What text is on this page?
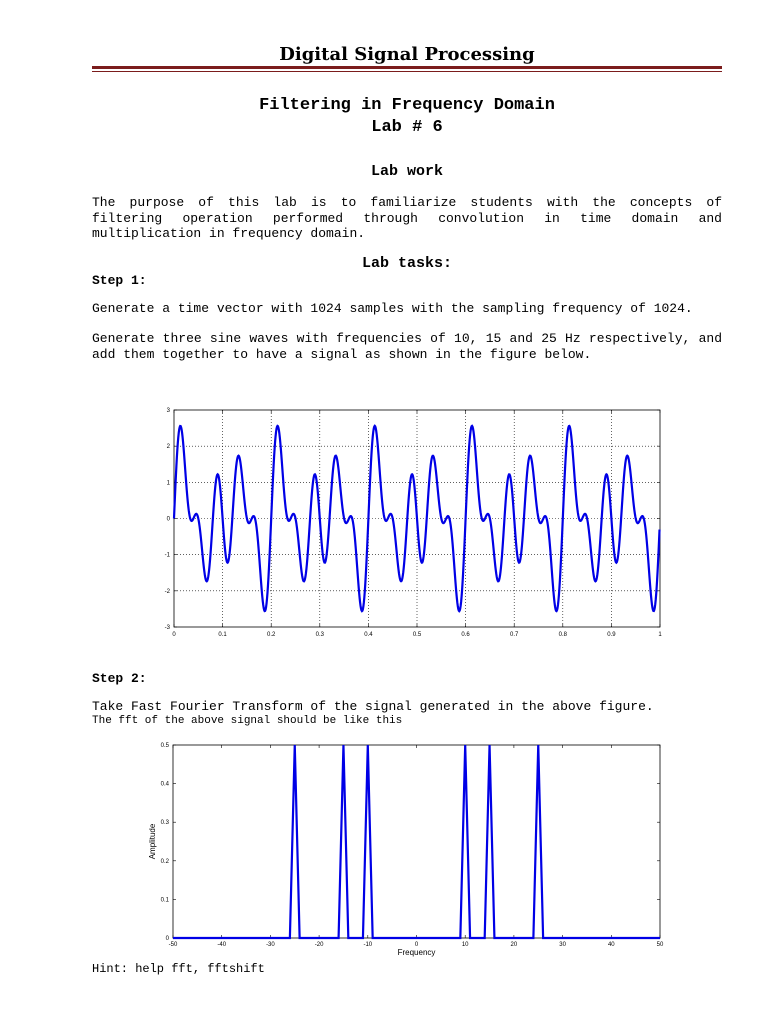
Digital Signal Processing
Filtering in Frequency Domain
Lab # 6
Lab work
The purpose of this lab is to familiarize students with the concepts of filtering operation performed through convolution in time domain and multiplication in frequency domain.
Lab tasks:
Step 1:
Generate a time vector with 1024 samples with the sampling frequency of 1024.
Generate three sine waves with frequencies of 10, 15 and 25 Hz respectively, and add them together to have a signal as shown in the figure below.
0	0.1	0.2	0.3	0.4	0.5	0.6	0.7	0.8	0.9	1
-3
-2
-1
0
1
2
3
Step 2:
Take Fast Fourier Transform of the signal generated in the above figure.
The fft of the above signal should be like this
-50	-40	-30	-20	-10	0	10	20	30	40	50
0
0.1
0.2
0.3
0.4
0.5
Frequency
Amplitude
Hint: help fft, fftshift
